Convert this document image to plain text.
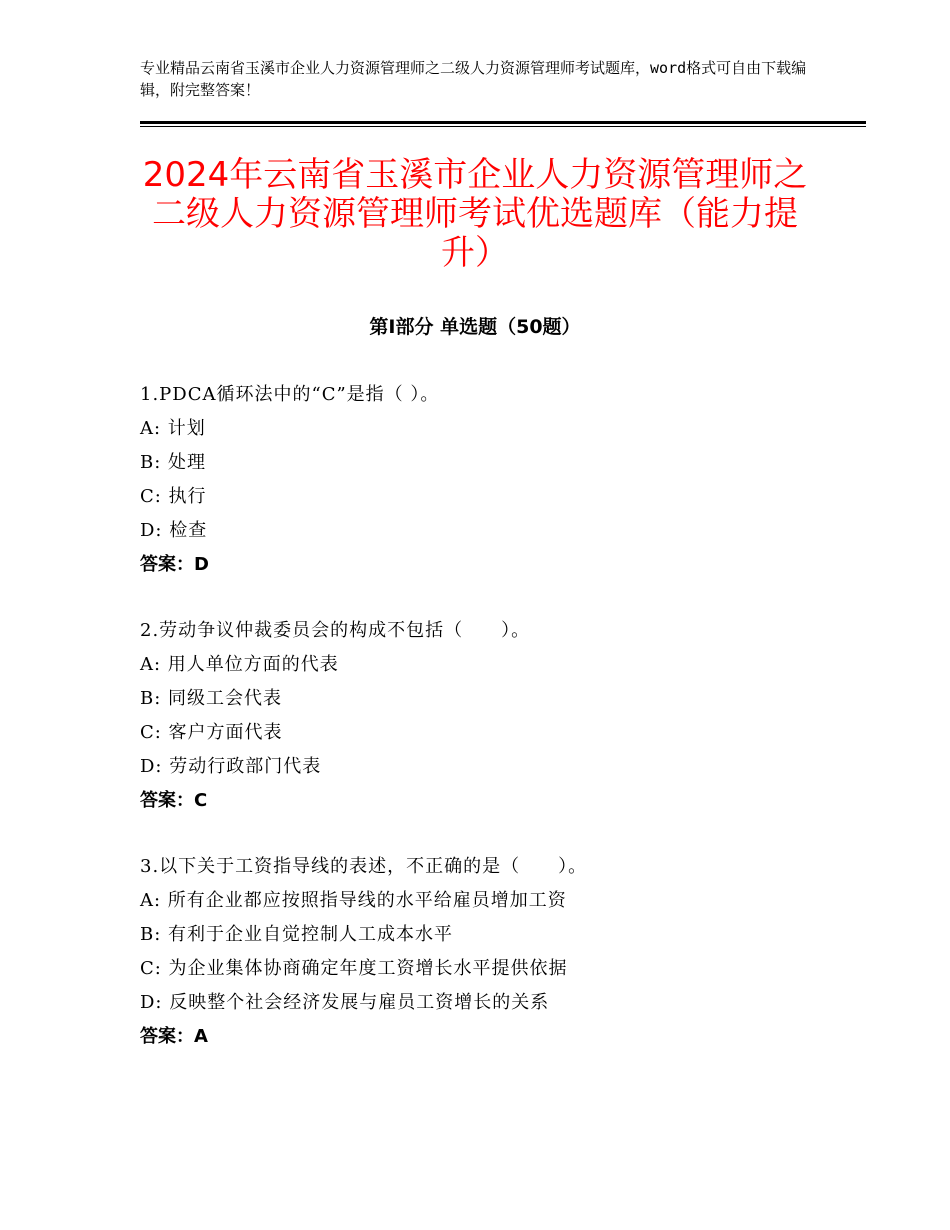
专业精品云南省玉溪市企业人力资源管理师之二级人力资源管理师考试题库，word格式可自由下载编辑，附完整答案！
2024年云南省玉溪市企业人力资源管理师之
二级人力资源管理师考试优选题库（能力提
升）
第Ⅰ部分 单选题（50题）
1.PDCA循环法中的“C”是指（ ）。
A: 计划
B: 处理
C: 执行
D: 检查
答案：D
2.劳动争议仲裁委员会的构成不包括（　　）。
A: 用人单位方面的代表
B: 同级工会代表
C: 客户方面代表
D: 劳动行政部门代表
答案：C
3.以下关于工资指导线的表述，不正确的是（　　）。
A: 所有企业都应按照指导线的水平给雇员增加工资
B: 有利于企业自觉控制人工成本水平
C: 为企业集体协商确定年度工资增长水平提供依据
D: 反映整个社会经济发展与雇员工资增长的关系
答案：A
